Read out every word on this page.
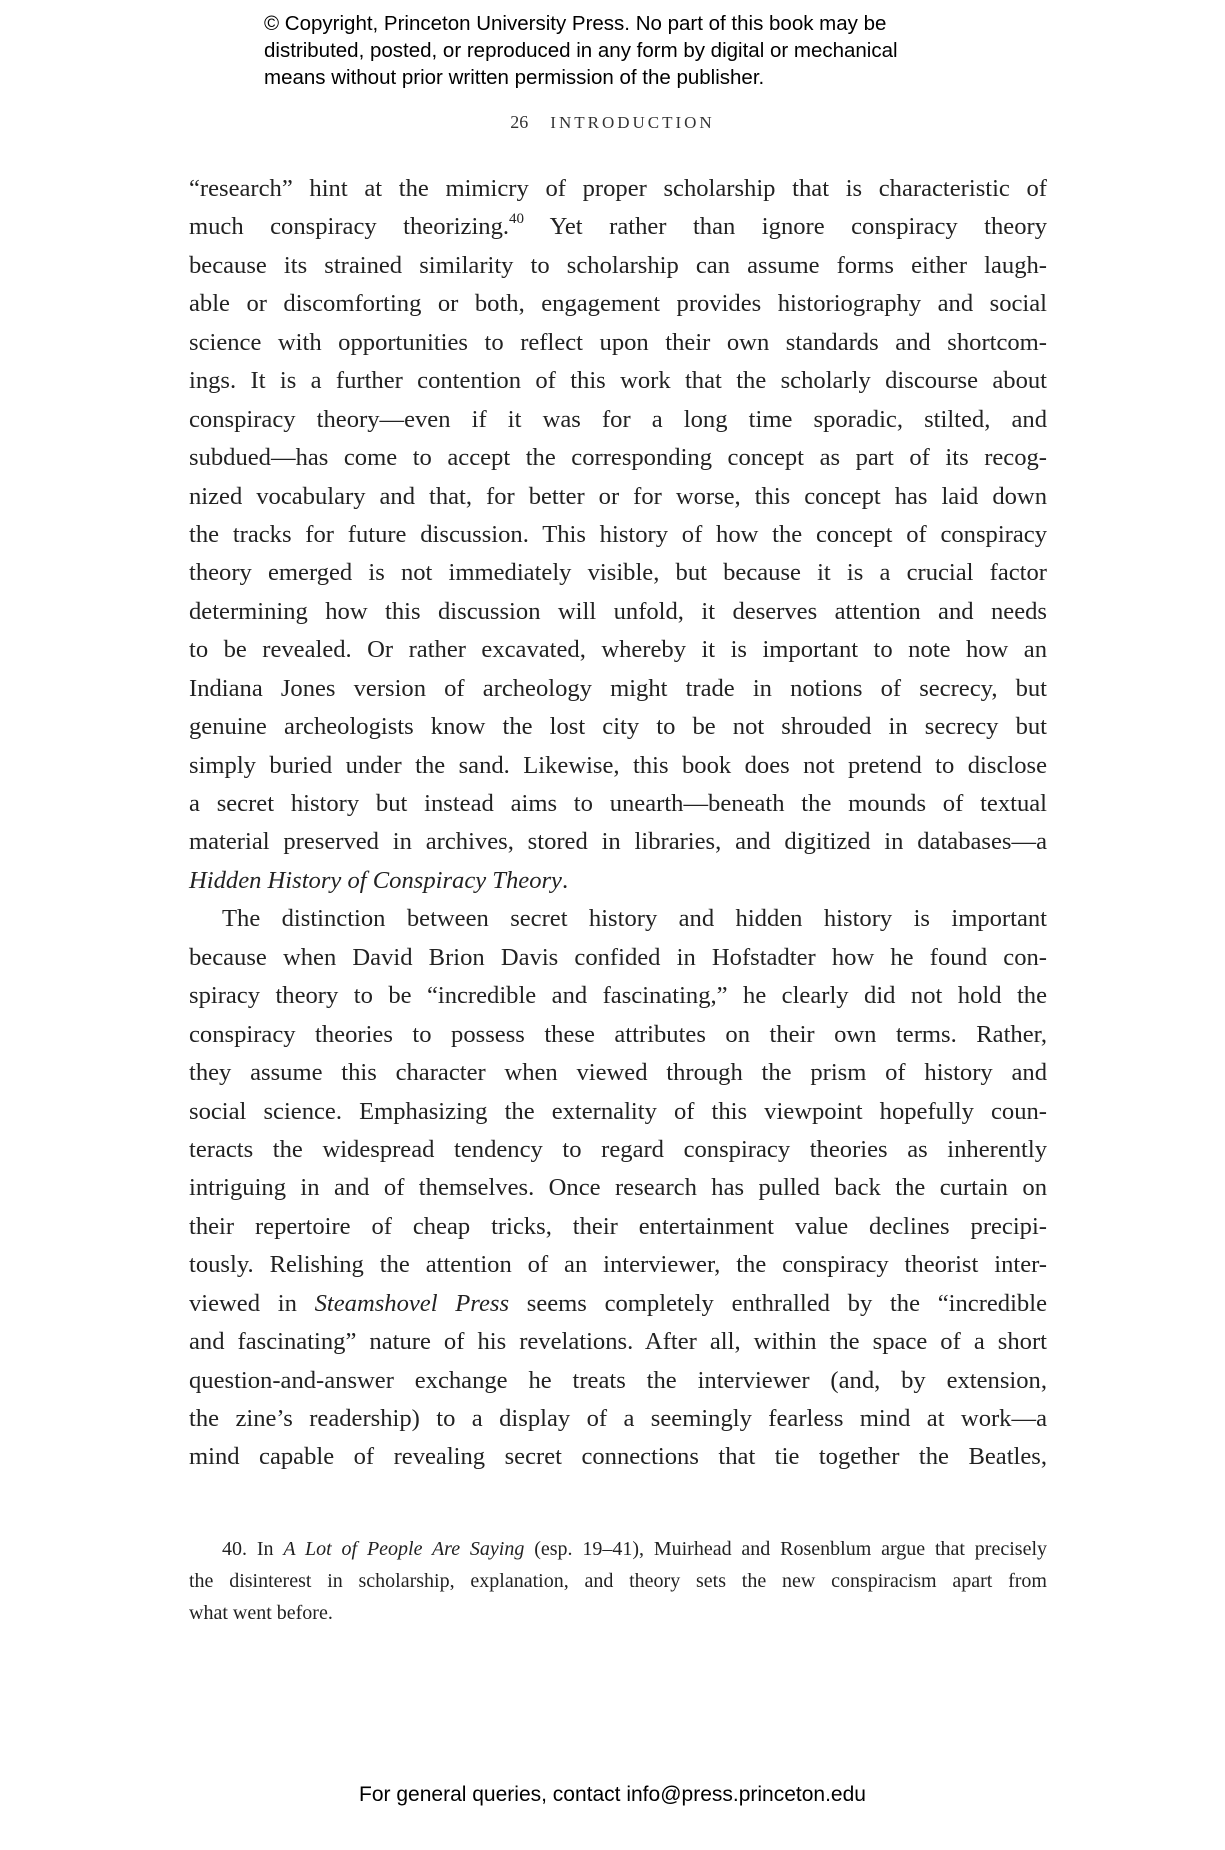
© Copyright, Princeton University Press. No part of this book may be
distributed, posted, or reproduced in any form by digital or mechanical
means without prior written permission of the publisher.
26 INTRODUCTION
“research” hint at the mimicry of proper scholarship that is characteristic of
much conspiracy theorizing.$^{40}$ Yet rather than ignore conspiracy theory
because its strained similarity to scholarship can assume forms either laugh-
able or discomforting or both, engagement provides historiography and social
science with opportunities to reflect upon their own standards and shortcom-
ings. It is a further contention of this work that the scholarly discourse about
conspiracy theory—even if it was for a long time sporadic, stilted, and
subdued—has come to accept the corresponding concept as part of its recog-
nized vocabulary and that, for better or for worse, this concept has laid down
the tracks for future discussion. This history of how the concept of conspiracy
theory emerged is not immediately visible, but because it is a crucial factor
determining how this discussion will unfold, it deserves attention and needs
to be revealed. Or rather excavated, whereby it is important to note how an
Indiana Jones version of archeology might trade in notions of secrecy, but
genuine archeologists know the lost city to be not shrouded in secrecy but
simply buried under the sand. Likewise, this book does not pretend to disclose
a secret history but instead aims to unearth—beneath the mounds of textual
material preserved in archives, stored in libraries, and digitized in databases—a
Hidden History of Conspiracy Theory.
The distinction between secret history and hidden history is important
because when David Brion Davis confided in Hofstadter how he found con-
spiracy theory to be “incredible and fascinating,” he clearly did not hold the
conspiracy theories to possess these attributes on their own terms. Rather,
they assume this character when viewed through the prism of history and
social science. Emphasizing the externality of this viewpoint hopefully coun-
teracts the widespread tendency to regard conspiracy theories as inherently
intriguing in and of themselves. Once research has pulled back the curtain on
their repertoire of cheap tricks, their entertainment value declines precipi-
tously. Relishing the attention of an interviewer, the conspiracy theorist inter-
viewed in Steamshovel Press seems completely enthralled by the “incredible
and fascinating” nature of his revelations. After all, within the space of a short
question-and-answer exchange he treats the interviewer (and, by extension,
the zine’s readership) to a display of a seemingly fearless mind at work—a
mind capable of revealing secret connections that tie together the Beatles,
40. In A Lot of People Are Saying (esp. 19–41), Muirhead and Rosenblum argue that precisely
the disinterest in scholarship, explanation, and theory sets the new conspiracism apart from
what went before.
For general queries, contact info@press.princeton.edu
